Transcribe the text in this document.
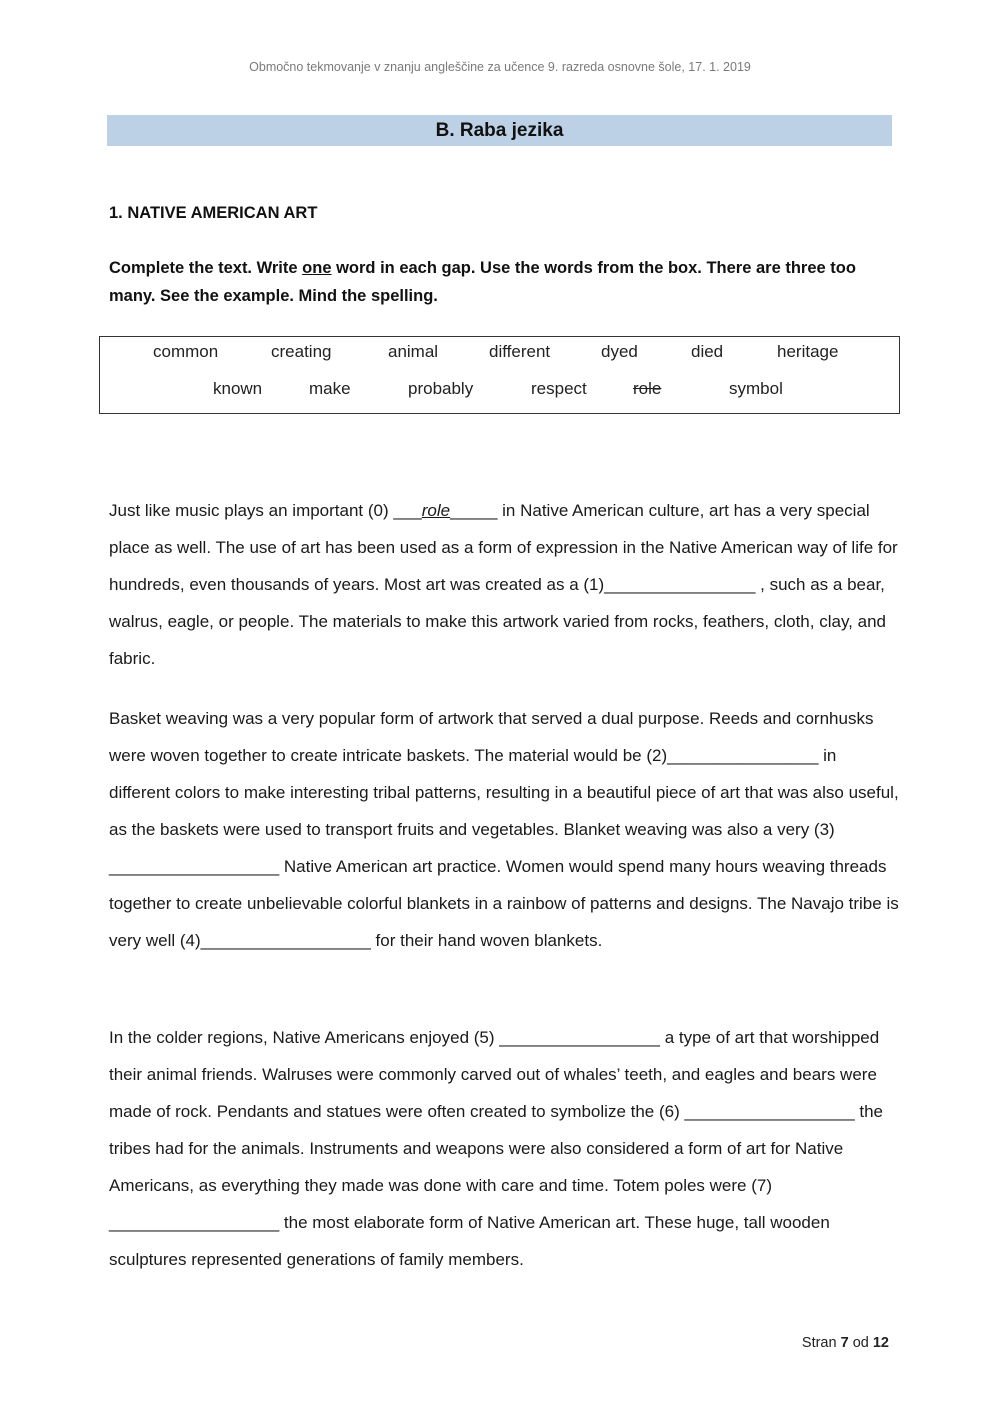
Območno tekmovanje v znanju angleščine za učence 9. razreda osnovne šole, 17. 1. 2019
B. Raba jezika
1. NATIVE AMERICAN ART
Complete the text. Write one word in each gap. Use the words from the box. There are three too many. See the example. Mind the spelling.
common	creating	animal	different	dyed	died	heritage
known	make	probably	respect	role	symbol

Just like music plays an important (0) ___role_____ in Native American culture, art has a very special place as well. The use of art has been used as a form of expression in the Native American way of life for hundreds, even thousands of years. Most art was created as a (1)________________ , such as a bear, walrus, eagle, or people. The materials to make this artwork varied from rocks, feathers, cloth, clay, and fabric.

Basket weaving was a very popular form of artwork that served a dual purpose. Reeds and cornhusks were woven together to create intricate baskets. The material would be (2)________________ in different colors to make interesting tribal patterns, resulting in a beautiful piece of art that was also useful, as the baskets were used to transport fruits and vegetables. Blanket weaving was also a very (3) __________________ Native American art practice. Women would spend many hours weaving threads together to create unbelievable colorful blankets in a rainbow of patterns and designs. The Navajo tribe is very well (4)__________________ for their hand woven blankets.

In the colder regions, Native Americans enjoyed (5) _________________ a type of art that worshipped their animal friends. Walruses were commonly carved out of whales’ teeth, and eagles and bears were made of rock. Pendants and statues were often created to symbolize the (6) __________________ the tribes had for the animals. Instruments and weapons were also considered a form of art for Native Americans, as everything they made was done with care and time. Totem poles were (7) __________________ the most elaborate form of Native American art. These huge, tall wooden sculptures represented generations of family members.

Stran 7 od 12
